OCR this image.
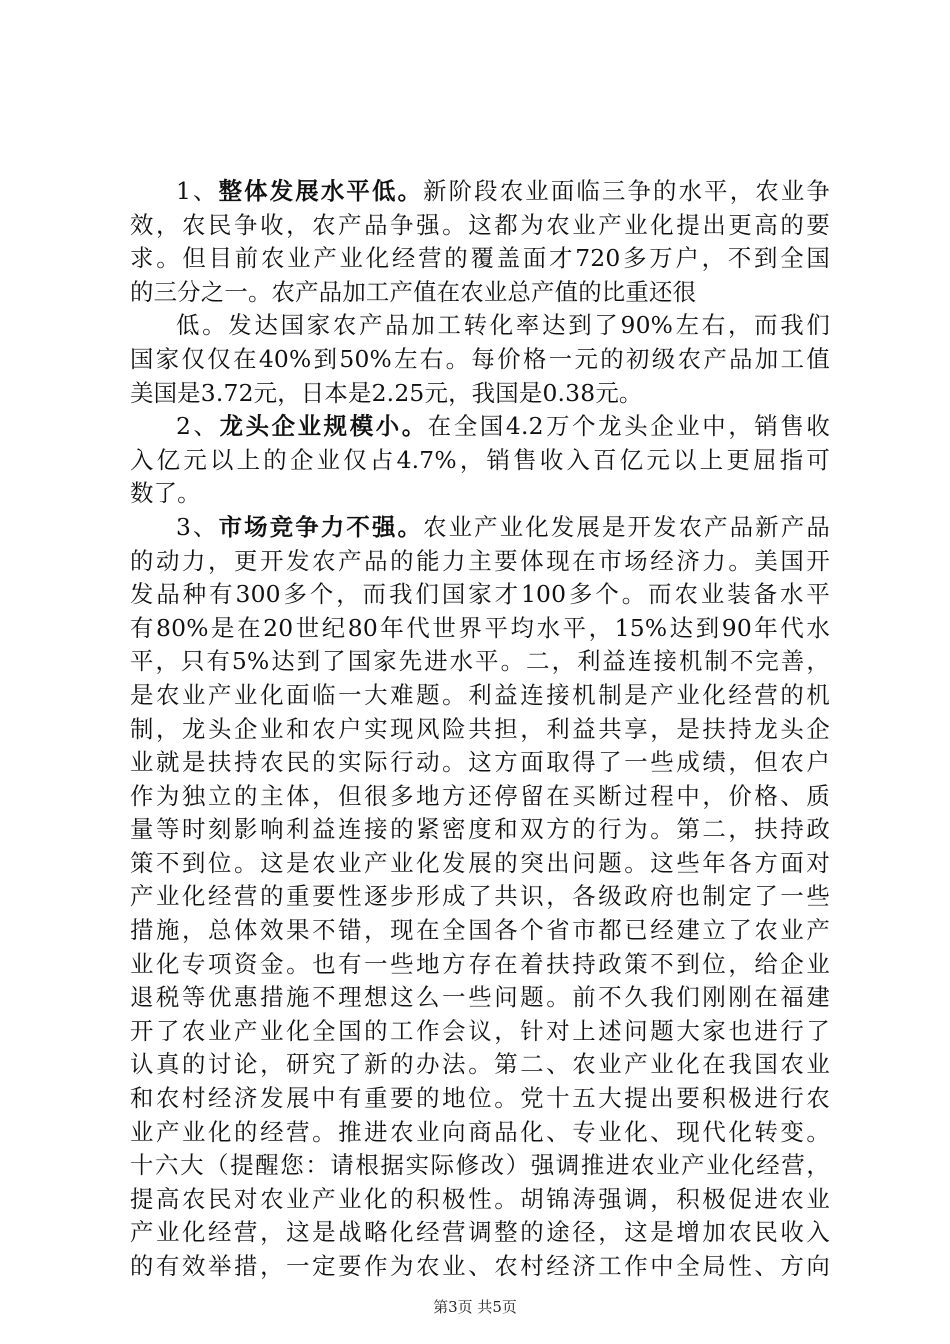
1、整体发展水平低。新阶段农业面临三争的水平，农业争
效，农民争收，农产品争强。这都为农业产业化提出更高的要
求。但目前农业产业化经营的覆盖面才720多万户，不到全国
的三分之一。农产品加工产值在农业总产值的比重还很
低。发达国家农产品加工转化率达到了90%左右，而我们
国家仅仅在40%到50%左右。每价格一元的初级农产品加工值
美国是3.72元，日本是2.25元，我国是0.38元。
2、龙头企业规模小。在全国4.2万个龙头企业中，销售收
入亿元以上的企业仅占4.7%，销售收入百亿元以上更屈指可
数了。
3、市场竞争力不强。农业产业化发展是开发农产品新产品
的动力，更开发农产品的能力主要体现在市场经济力。美国开
发品种有300多个，而我们国家才100多个。而农业装备水平
有80%是在20世纪80年代世界平均水平，15%达到90年代水
平，只有5%达到了国家先进水平。二，利益连接机制不完善，
是农业产业化面临一大难题。利益连接机制是产业化经营的机
制，龙头企业和农户实现风险共担，利益共享，是扶持龙头企
业就是扶持农民的实际行动。这方面取得了一些成绩，但农户
作为独立的主体，但很多地方还停留在买断过程中，价格、质
量等时刻影响利益连接的紧密度和双方的行为。第二，扶持政
策不到位。这是农业产业化发展的突出问题。这些年各方面对
产业化经营的重要性逐步形成了共识，各级政府也制定了一些
措施，总体效果不错，现在全国各个省市都已经建立了农业产
业化专项资金。也有一些地方存在着扶持政策不到位，给企业
退税等优惠措施不理想这么一些问题。前不久我们刚刚在福建
开了农业产业化全国的工作会议，针对上述问题大家也进行了
认真的讨论，研究了新的办法。第二、农业产业化在我国农业
和农村经济发展中有重要的地位。党十五大提出要积极进行农
业产业化的经营。推进农业向商品化、专业化、现代化转变。
十六大（提醒您：请根据实际修改）强调推进农业产业化经营，
提高农民对农业产业化的积极性。胡锦涛强调，积极促进农业
产业化经营，这是战略化经营调整的途径，这是增加农民收入
的有效举措，一定要作为农业、农村经济工作中全局性、方向
第3页 共5页
